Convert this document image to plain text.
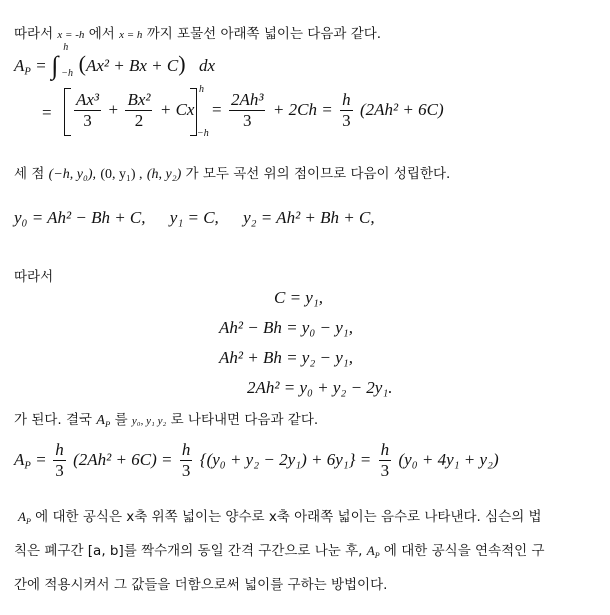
따라서 x = -h 에서 x = h 까지 포물선 아래쪽 넓이는 다음과 같다.
$A_P$ = ∫
h
−h (Ax² + Bx + C) dx
= $\frac{\text{Ax³}}{3} + \frac{\text{Bx²}}{2} + Cx$
h
−h
= $\frac{\text{2Ah³}}{3} + 2Ch = \frac{h}{3} (2Ah^2 + 6C)$
세 점 (−h, y₀), (0, y₁) , (h, y₂) 가 모두 곡선 위의 점이므로 다음이 성립한다.
y₀ = Ah² − Bh + C, y₁ = C, y₂ = Ah² + Bh + C,
따라서
C = y₁,
Ah² − Bh = y₀ − y₁,
Ah² + Bh = y₂ − y₁,
2Ah² = y₀ + y₂ − 2y₁.
가 된다. 결국 $A_P$ 를 y₀, y₁ y₂ 로 나타내면 다음과 같다.
$A_P = \frac{h}{3} (2Ah^2 + 6C) = \frac{h}{3} \{(y_0 + y_2 - 2y_1) + 6y_1\} = \frac{h}{3} (y_0 + 4y_1 + y_2)$
$A_P$ 에 대한 공식은 x축 위쪽 넓이는 양수로 x축 아래쪽 넓이는 음수로 나타낸다. 심슨의 법
칙은 폐구간 [a, b]를 짝수개의 동일 간격 구간으로 나눈 후, $A_P$ 에 대한 공식을 연속적인 구
간에 적용시켜서 그 값들을 더함으로써 넓이를 구하는 방법이다.
